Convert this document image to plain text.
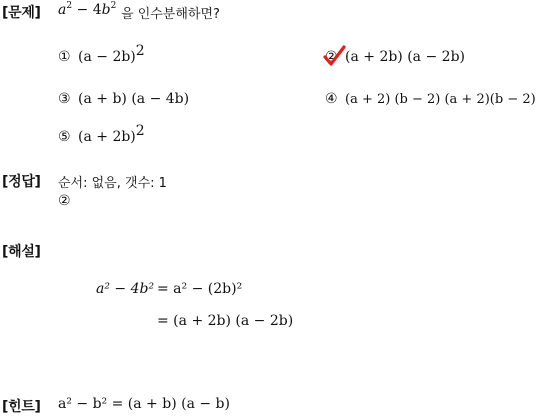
[문제] $a^2 - 4b^2$
을 인수분해하면?
① $(a - 2b)^2$	② (a + 2b) (a − 2b)
③ (a + b) (a − 4b)	④ (a + 2) (b − 2) (a + 2)(b − 2)
⑤ $(a + 2b)^2$
[정답] 순서: 없음, 갯수: 1
②
[해설]
a² − 4b² = a² − (2b)²
= (a + 2b) (a − 2b)
[힌트] a² − b² = (a + b) (a − b)
